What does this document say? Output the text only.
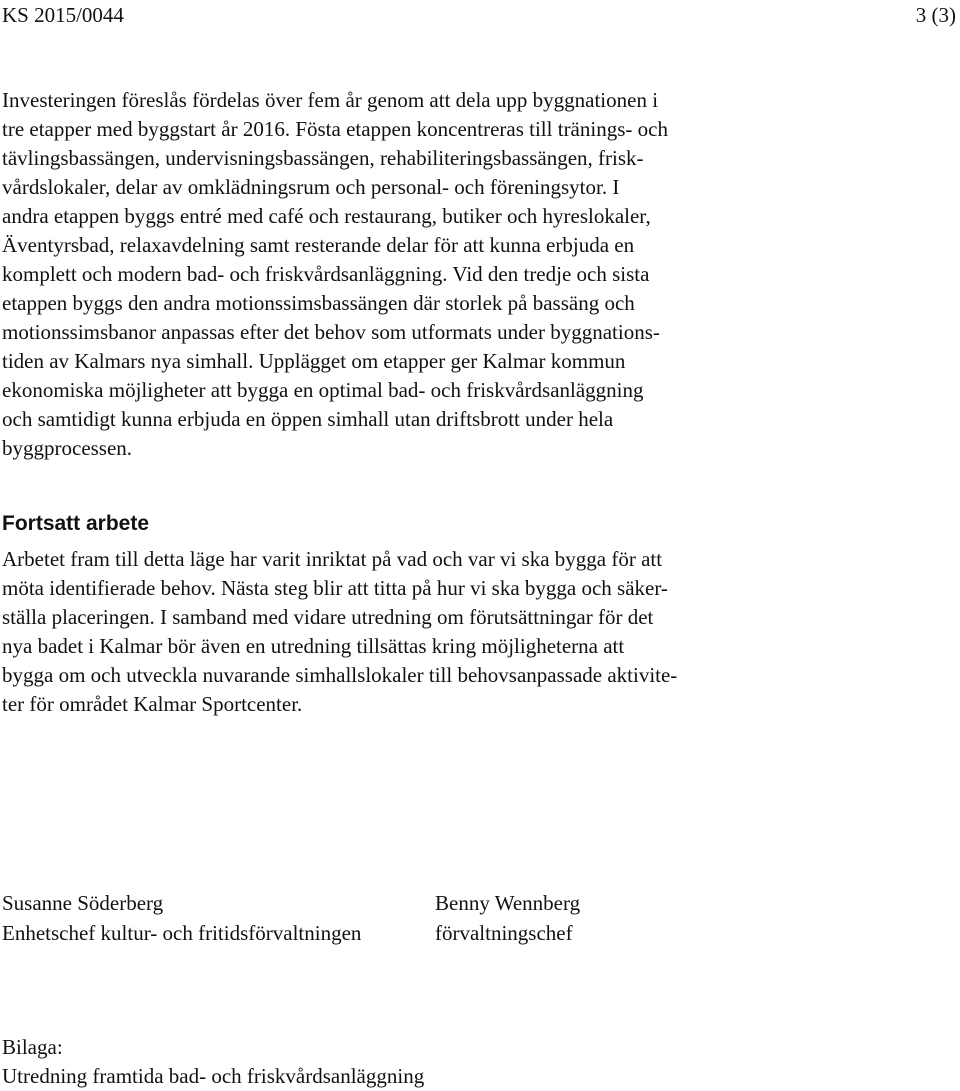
KS 2015/0044	3 (3)
Investeringen föreslås fördelas över fem år genom att dela upp byggnationen i
tre etapper med byggstart år 2016. Fösta etappen koncentreras till tränings- och
tävlingsbassängen, undervisningsbassängen, rehabiliteringsbassängen, frisk-
vårdslokaler, delar av omklädningsrum och personal- och föreningsytor. I
andra etappen byggs entré med café och restaurang, butiker och hyreslokaler,
Äventyrsbad, relaxavdelning samt resterande delar för att kunna erbjuda en
komplett och modern bad- och friskvårdsanläggning. Vid den tredje och sista
etappen byggs den andra motionssimsbassängen där storlek på bassäng och
motionssimsbanor anpassas efter det behov som utformats under byggnations-
tiden av Kalmars nya simhall. Upplägget om etapper ger Kalmar kommun
ekonomiska möjligheter att bygga en optimal bad- och friskvårdsanläggning
och samtidigt kunna erbjuda en öppen simhall utan driftsbrott under hela
byggprocessen.
Fortsatt arbete
Arbetet fram till detta läge har varit inriktat på vad och var vi ska bygga för att
möta identifierade behov. Nästa steg blir att titta på hur vi ska bygga och säker-
ställa placeringen. I samband med vidare utredning om förutsättningar för det
nya badet i Kalmar bör även en utredning tillsättas kring möjligheterna att
bygga om och utveckla nuvarande simhallslokaler till behovsanpassade aktivite-
ter för området Kalmar Sportcenter.
Susanne Söderberg
Enhetschef kultur- och fritidsförvaltningen
Benny Wennberg
förvaltningschef
Bilaga:
Utredning framtida bad- och friskvårdsanläggning
